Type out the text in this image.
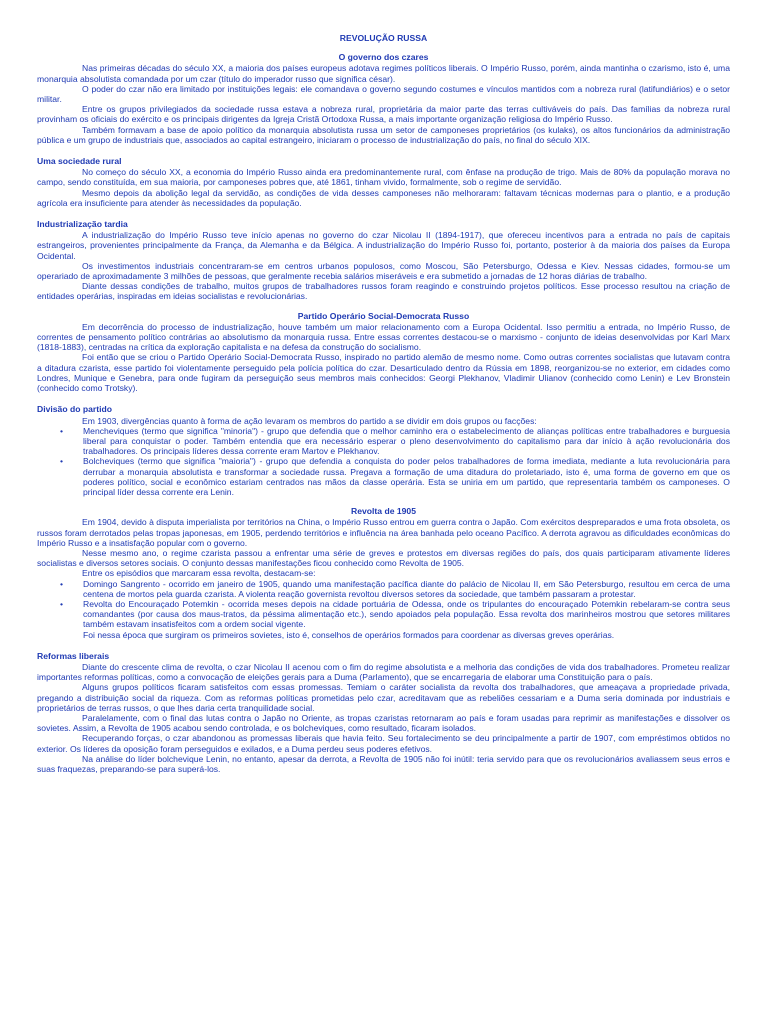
REVOLUÇÃO RUSSA
O governo dos czares

Nas primeiras décadas do século XX, a maioria dos países europeus adotava regimes políticos liberais. O Império Russo, porém, ainda mantinha o czarismo, isto é, uma monarquia absolutista comandada por um czar (título do imperador russo que significa césar).

O poder do czar não era limitado por instituições legais: ele comandava o governo segundo costumes e vínculos mantidos com a nobreza rural (latifundiários) e o setor militar.

Entre os grupos privilegiados da sociedade russa estava a nobreza rural, proprietária da maior parte das terras cultiváveis do país. Das famílias da nobreza rural provinham os oficiais do exército e os principais dirigentes da Igreja Cristã Ortodoxa Russa, a mais importante organização religiosa do Império Russo.

Também formavam a base de apoio político da monarquia absolutista russa um setor de camponeses proprietários (os kulaks), os altos funcionários da administração pública e um grupo de industriais que, associados ao capital estrangeiro, iniciaram o processo de industrialização do país, no final do século XIX.

Uma sociedade rural

No começo do século XX, a economia do Império Russo ainda era predominantemente rural, com ênfase na produção de trigo. Mais de 80% da população morava no campo, sendo constituída, em sua maioria, por camponeses pobres que, até 1861, tinham vivido, formalmente, sob o regime de servidão.

Mesmo depois da abolição legal da servidão, as condições de vida desses camponeses não melhoraram: faltavam técnicas modernas para o plantio, e a produção agrícola era insuficiente para atender às necessidades da população.

Industrialização tardia

A industrialização do Império Russo teve início apenas no governo do czar Nicolau II (1894-1917), que ofereceu incentivos para a entrada no país de capitais estrangeiros, provenientes principalmente da França, da Alemanha e da Bélgica. A industrialização do Império Russo foi, portanto, posterior à da maioria dos países da Europa Ocidental.

Os investimentos industriais concentraram-se em centros urbanos populosos, como Moscou, São Petersburgo, Odessa e Kiev. Nessas cidades, formou-se um operariado de aproximadamente 3 milhões de pessoas, que geralmente recebia salários miseráveis e era submetido a jornadas de 12 horas diárias de trabalho.

Diante dessas condições de trabalho, muitos grupos de trabalhadores russos foram reagindo e construindo projetos políticos. Esse processo resultou na criação de entidades operárias, inspiradas em ideias socialistas e revolucionárias.

Partido Operário Social-Democrata Russo

Em decorrência do processo de industrialização, houve também um maior relacionamento com a Europa Ocidental. Isso permitiu a entrada, no Império Russo, de correntes de pensamento político contrárias ao absolutismo da monarquia russa. Entre essas correntes destacou-se o marxismo - conjunto de ideias desenvolvidas por Karl Marx (1818-1883), centradas na crítica da exploração capitalista e na defesa da construção do socialismo.

Foi então que se criou o Partido Operário Social-Democrata Russo, inspirado no partido alemão de mesmo nome. Como outras correntes socialistas que lutavam contra a ditadura czarista, esse partido foi violentamente perseguido pela polícia política do czar. Desarticulado dentro da Rússia em 1898, reorganizou-se no exterior, em cidades como Londres, Munique e Genebra, para onde fugiram da perseguição seus membros mais conhecidos: Georgi Plekhanov, Vladimir Ulianov (conhecido como Lenin) e Lev Bronstein (conhecido como Trotsky).

Divisão do partido

Em 1903, divergências quanto à forma de ação levaram os membros do partido a se dividir em dois grupos ou facções:

• Mencheviques (termo que significa "minoria") - grupo que defendia que o melhor caminho era o estabelecimento de alianças políticas entre trabalhadores e burguesia liberal para conquistar o poder. Também entendia que era necessário esperar o pleno desenvolvimento do capitalismo para dar início à ação revolucionária dos trabalhadores. Os principais líderes dessa corrente eram Martov e Plekhanov.
• Bolcheviques (termo que significa "maioria") - grupo que defendia a conquista do poder pelos trabalhadores de forma imediata, mediante a luta revolucionária para derrubar a monarquia absolutista e transformar a sociedade russa. Pregava a formação de uma ditadura do proletariado, isto é, uma forma de governo em que os poderes político, social e econômico estariam centrados nas mãos da classe operária. Esta se uniria em um partido, que representaria também os camponeses. O principal líder dessa corrente era Lenin.
Revolta de 1905

Em 1904, devido à disputa imperialista por territórios na China, o Império Russo entrou em guerra contra o Japão. Com exércitos despreparados e uma frota obsoleta, os russos foram derrotados pelas tropas japonesas, em 1905, perdendo territórios e influência na área banhada pelo oceano Pacífico. A derrota agravou as dificuldades econômicas do Império Russo e a insatisfação popular com o governo.

Nesse mesmo ano, o regime czarista passou a enfrentar uma série de greves e protestos em diversas regiões do país, dos quais participaram ativamente líderes socialistas e diversos setores sociais. O conjunto dessas manifestações ficou conhecido como Revolta de 1905.

Entre os episódios que marcaram essa revolta, destacam-se:

• Domingo Sangrento - ocorrido em janeiro de 1905, quando uma manifestação pacífica diante do palácio de Nicolau II, em São Petersburgo, resultou em cerca de uma centena de mortos pela guarda czarista. A violenta reação governista revoltou diversos setores da sociedade, que também passaram a protestar.
• Revolta do Encouraçado Potemkin - ocorrida meses depois na cidade portuária de Odessa, onde os tripulantes do encouraçado Potemkin rebelaram-se contra seus comandantes (por causa dos maus-tratos, da péssima alimentação etc.), sendo apoiados pela população. Essa revolta dos marinheiros mostrou que setores militares também estavam insatisfeitos com a ordem social vigente.

Foi nessa época que surgiram os primeiros sovietes, isto é, conselhos de operários formados para coordenar as diversas greves operárias.

Reformas liberais

Diante do crescente clima de revolta, o czar Nicolau II acenou com o fim do regime absolutista e a melhoria das condições de vida dos trabalhadores. Prometeu realizar importantes reformas políticas, como a convocação de eleições gerais para a Duma (Parlamento), que se encarregaria de elaborar uma Constituição para o país.

Alguns grupos políticos ficaram satisfeitos com essas promessas. Temiam o caráter socialista da revolta dos trabalhadores, que ameaçava a propriedade privada, pregando a distribuição social da riqueza. Com as reformas políticas prometidas pelo czar, acreditavam que as rebeliões cessariam e a Duma seria dominada por industriais e proprietários de terras russos, o que lhes daria certa tranquilidade social.

Paralelamente, com o final das lutas contra o Japão no Oriente, as tropas czaristas retornaram ao país e foram usadas para reprimir as manifestações e dissolver os sovietes. Assim, a Revolta de 1905 acabou sendo controlada, e os bolcheviques, como resultado, ficaram isolados.

Recuperando forças, o czar abandonou as promessas liberais que havia feito. Seu fortalecimento se deu principalmente a partir de 1907, com empréstimos obtidos no exterior. Os líderes da oposição foram perseguidos e exilados, e a Duma perdeu seus poderes efetivos.

Na análise do líder bolchevique Lenin, no entanto, apesar da derrota, a Revolta de 1905 não foi inútil: teria servido para que os revolucionários avaliassem seus erros e suas fraquezas, preparando-se para superá-los.
